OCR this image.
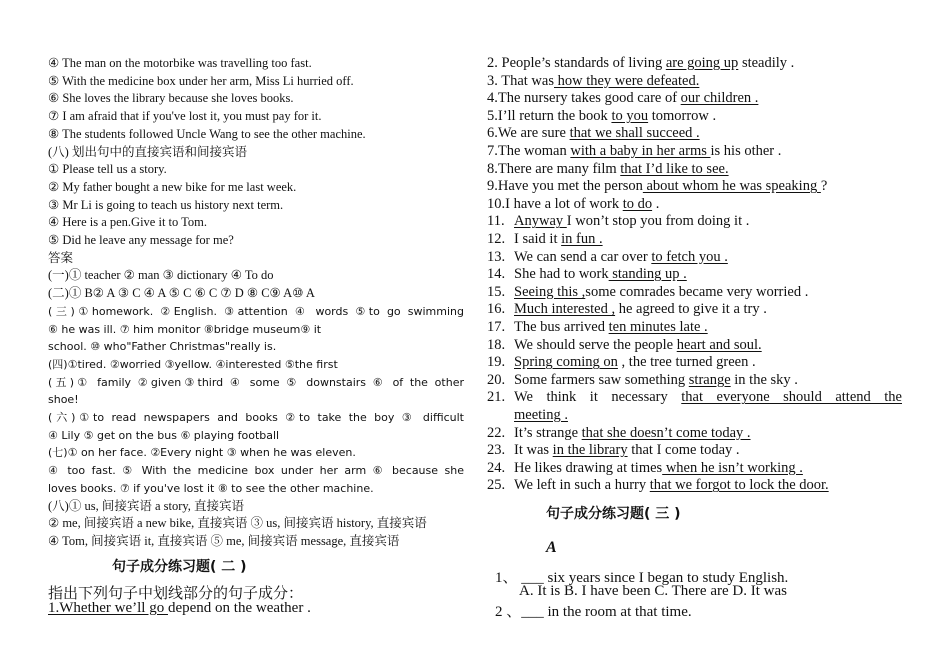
④ The man on the motorbike was travelling too fast.
⑤ With the medicine box under her arm, Miss Li hurried off.
⑥ She loves the library because she loves books.
⑦ I am afraid that if you've lost it, you must pay for it.
⑧ The students followed Uncle Wang to see the other machine.
(八) 划出句中的直接宾语和间接宾语
① Please tell us a story.
② My father bought a new bike for me last week.
③ Mr Li is going to teach us history next term.
④ Here is a pen.Give it to Tom.
⑤ Did he leave any message for me?
答案
(一)① teacher ② man ③ dictionary ④ To do
(二)① B② A ③ C ④ A ⑤ C ⑥ C ⑦ D ⑧ C⑨ A⑩ A
(三)①homework. ②English. ③attention ④ words ⑤to go swimming
⑥ he was ill. ⑦ him monitor ⑧bridge museum⑨ it
school. ⑩ who"Father Christmas"really is.
(四)①tired. ②worried ③yellow. ④interested ⑤the first
(五)① family ②given③third ④ some ⑤ downstairs ⑥ of the other
shoe!
(六)①to read newspapers and books ②to take the boy ③ difficult
④ Lily ⑤ get on the bus ⑥ playing football
(七)① on her face. ②Every night ③ when he was eleven.
④ too fast. ⑤ With the medicine box under her arm ⑥ because she
loves books. ⑦ if you've lost it ⑧ to see the other machine.
(八)① us, 间接宾语 a story, 直接宾语
② me, 间接宾语 a new bike, 直接宾语 ③ us, 间接宾语 history, 直接宾语
④ Tom, 间接宾语 it, 直接宾语 ⑤ me, 间接宾语 message, 直接宾语
2. People’s standards of living are going up steadily .
3. That was how they were defeated.
4.The nursery takes good care of our children .
5.I’ll return the book to you tomorrow .
6.We are sure that we shall succeed .
7.The woman with a baby in her arms is his other .
8.There are many film that I’d like to see.
9.Have you met the person about whom he was speaking ?
10.I have a lot of work to do .
11. Anyway I won’t stop you from doing it .
12. I said it in fun .
13. We can send a car over to fetch you .
14. She had to work standing up .
15. Seeing this ,some comrades became very worried .
16. Much interested , he agreed to give it a try .
17. The bus arrived ten minutes late .
18. We should serve the people heart and soul.
19. Spring coming on , the tree turned green .
20. Some farmers saw something strange in the sky .
21. We think it necessary that everyone should attend the
meeting .
22. It’s strange that she doesn’t come today .
23. It was in the library that I come today .
24. He likes drawing at times when he isn’t working .
25. We left in such a hurry that we forgot to lock the door.
句子成分练习题( 二 )
指出下列句子中划线部分的句子成分：
1.Whether we’ll go depend on the weather .
句子成分练习题( 三 )
A
1、 ___ six years since I began to study English.
A. It is B. I have been C. There are D. It was
2 、___ in the room at that time.
